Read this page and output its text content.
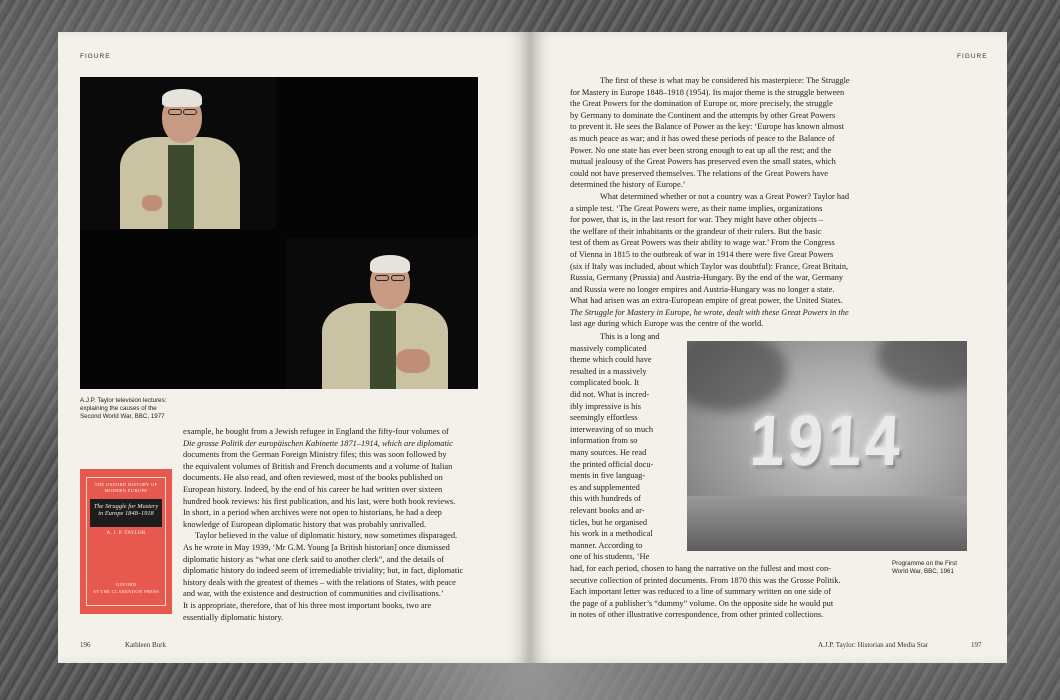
FIGURE
A.J.P. Taylor television lectures:
explaining the causes of the
Second World War, BBC, 1977
THE OXFORD HISTORY OF
MODERN EUROPE
The Struggle for Mastery
in Europe 1848–1918
A. J. P. TAYLOR
OXFORD
AT THE CLARENDON PRESS

example, he bought from a Jewish refugee in England the fifty-four volumes of

Die grosse Politik der europäischen Kabinette 1871–1914, which are diplomatic

documents from the German Foreign Ministry files; this was soon followed by

the equivalent volumes of British and French documents and a volume of Italian

documents. He also read, and often reviewed, most of the books published on

European history. Indeed, by the end of his career he had written over sixteen

hundred book reviews: his first publication, and his last, were both book reviews.

In short, in a period when archives were not open to historians, he had a deep

knowledge of European diplomatic history that was probably unrivalled.

Taylor believed in the value of diplomatic history, now sometimes disparaged.

As he wrote in May 1939, ‘Mr G.M. Young [a British historian] once dismissed

diplomatic history as “what one clerk said to another clerk”, and the details of

diplomatic history do indeed seem of irremediable triviality; but, in fact, diplomatic

history deals with the greatest of themes – with the relations of States, with peace

and war, with the existence and destruction of communities and civilisations.’

It is appropriate, therefore, that of his three most important books, two are

essentially diplomatic history.

196	Kathleen Burk
FIGURE

The first of these is what may be considered his masterpiece: The Struggle

for Mastery in Europe 1848–1918 (1954). Its major theme is the struggle between

the Great Powers for the domination of Europe or, more precisely, the struggle

by Germany to dominate the Continent and the attempts by other Great Powers

to prevent it. He sees the Balance of Power as the key: ‘Europe has known almost

as much peace as war; and it has owed these periods of peace to the Balance of

Power. No one state has ever been strong enough to eat up all the rest; and the

mutual jealousy of the Great Powers has preserved even the small states, which

could not have preserved themselves. The relations of the Great Powers have

determined the history of Europe.’

What determined whether or not a country was a Great Power? Taylor had

a simple test. ‘The Great Powers were, as their name implies, organizations

for power, that is, in the last resort for war. They might have other objects –

the welfare of their inhabitants or the grandeur of their rulers. But the basic

test of them as Great Powers was their ability to wage war.’ From the Congress

of Vienna in 1815 to the outbreak of war in 1914 there were five Great Powers

(six if Italy was included, about which Taylor was doubtful): France, Great Britain,

Russia, Germany (Prussia) and Austria-Hungary. By the end of the war, Germany

and Russia were no longer empires and Austria-Hungary was no longer a state.

What had arisen was an extra-European empire of great power, the United States.

The Struggle for Mastery in Europe, he wrote, dealt with these Great Powers in the

last age during which Europe was the centre of the world.

This is a long and

massively complicated

theme which could have

resulted in a massively

complicated book. It

did not. What is incred-

ibly impressive is his

seemingly effortless

interweaving of so much

information from so

many sources. He read

the printed official docu-

ments in five languag-

es and supplemented

this with hundreds of

relevant books and ar-

ticles, but he organised

his work in a methodical

manner. According to

one of his students, ‘He

1914
Programme on the First
World War, BBC, 1961

had, for each period, chosen to hang the narrative on the fullest and most con-

secutive collection of printed documents. From 1870 this was the Grosse Politik.

Each important letter was reduced to a line of summary written on one side of

the page of a publisher’s “dummy” volume. On the opposite side he would put

in notes of other illustrative correspondence, from other printed collections.

A.J.P. Taylor: Historian and Media Star	197
